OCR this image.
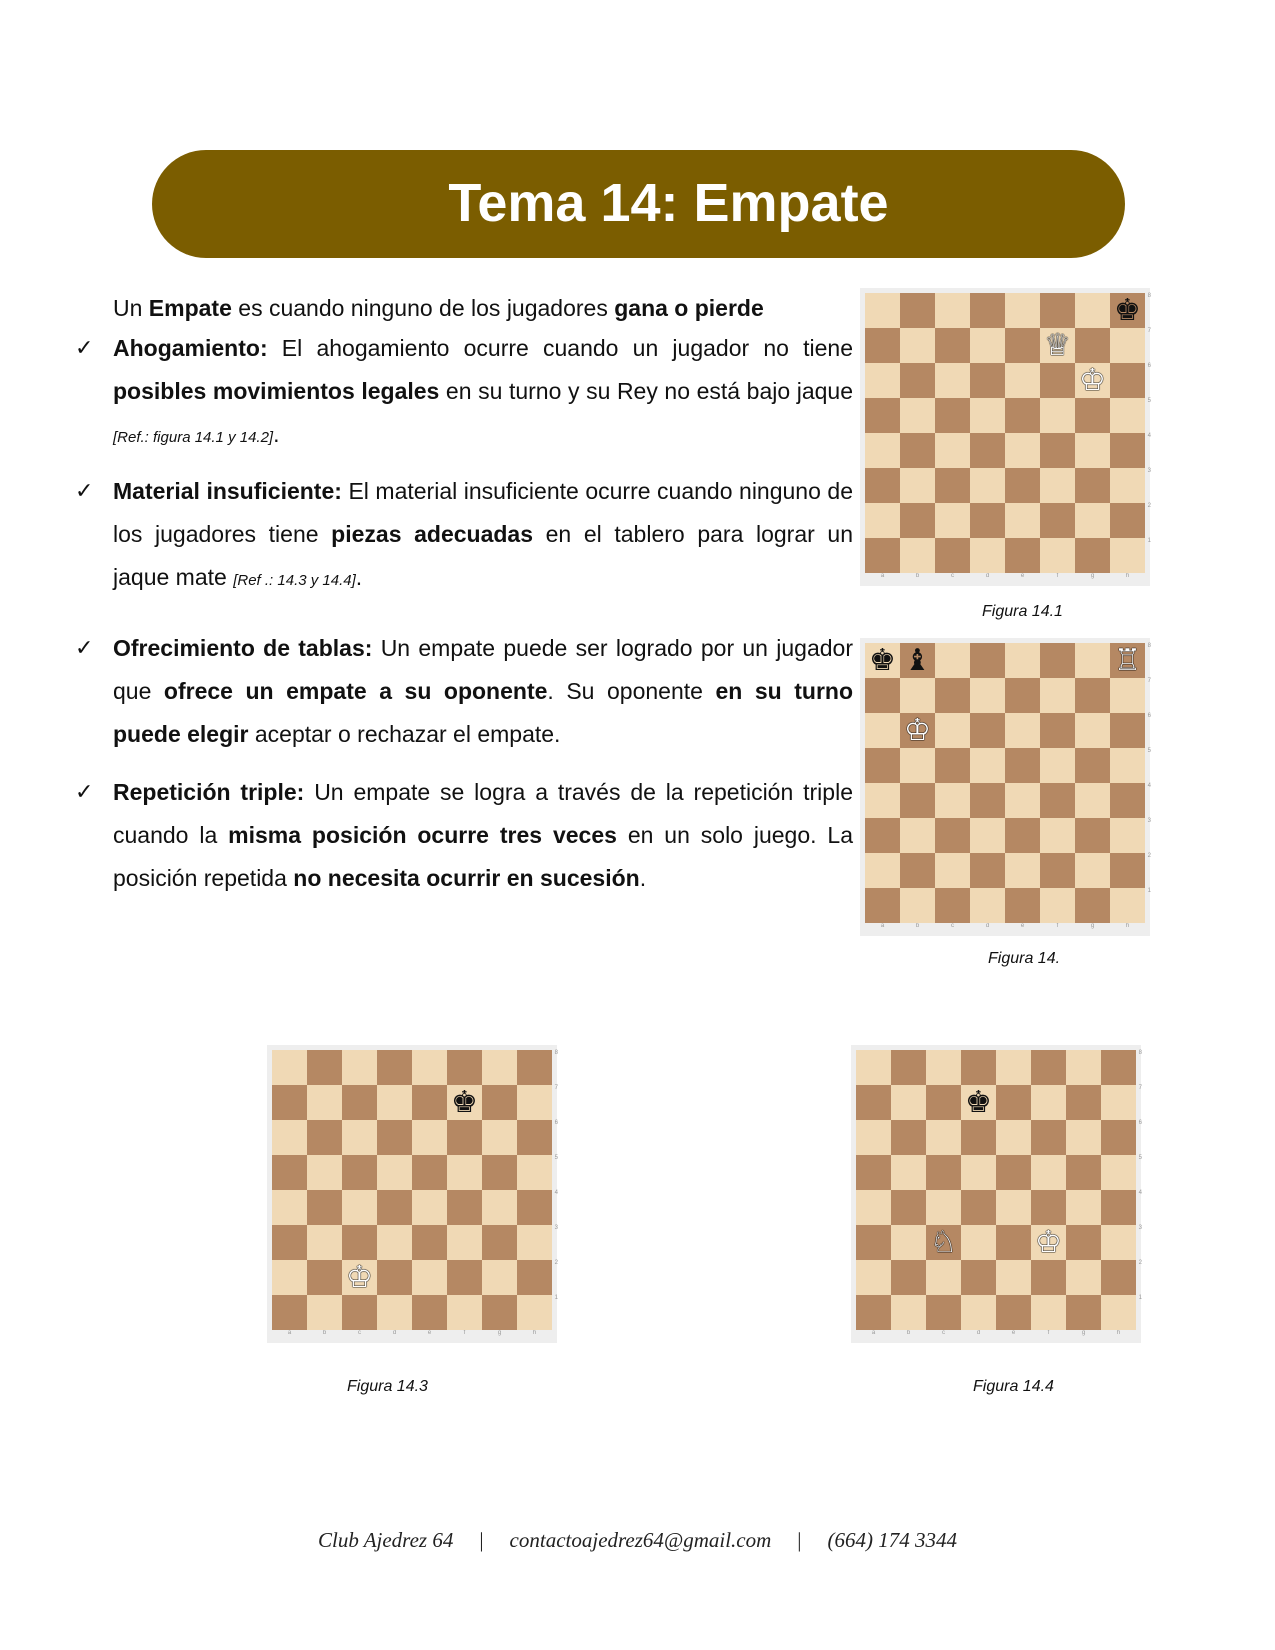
Tema 14: Empate
Un Empate es cuando ninguno de los jugadores gana o pierde
✓ Ahogamiento: El ahogamiento ocurre cuando un jugador no tiene posibles movimientos legales en su turno y su Rey no está bajo jaque [Ref.: figura 14.1 y 14.2].
✓ Material insuficiente: El material insuficiente ocurre cuando ninguno de los jugadores tiene piezas adecuadas en el tablero para lograr un jaque mate [Ref .: 14.3 y 14.4].
✓ Ofrecimiento de tablas: Un empate puede ser logrado por un jugador que ofrece un empate a su oponente. Su oponente en su turno puede elegir aceptar o rechazar el empate.
✓ Repetición triple: Un empate se logra a través de la repetición triple cuando la misma posición ocurre tres veces en un solo juego. La posición repetida no necesita ocurrir en sucesión.
♚
♕
♔
a	b	c	d	e	f	g	h
8
7
6
5
4
3
2
1
Figura 14.1
♚ ♝	♖
♔
a	b	c	d	e	f	g	h
8
7
6
5
4
3
2
1
Figura 14.
♚
♔
a	b	c	d	e	f	g	h
8
7
6
5
4
3
2
1
Figura 14.3
♚
♘	♔
a	b	c	d	e	f	g	h
8
7
6
5
4
3
2
1
Figura 14.4
Club Ajedrez 64 | contactoajedrez64@gmail.com | (664) 174 3344
